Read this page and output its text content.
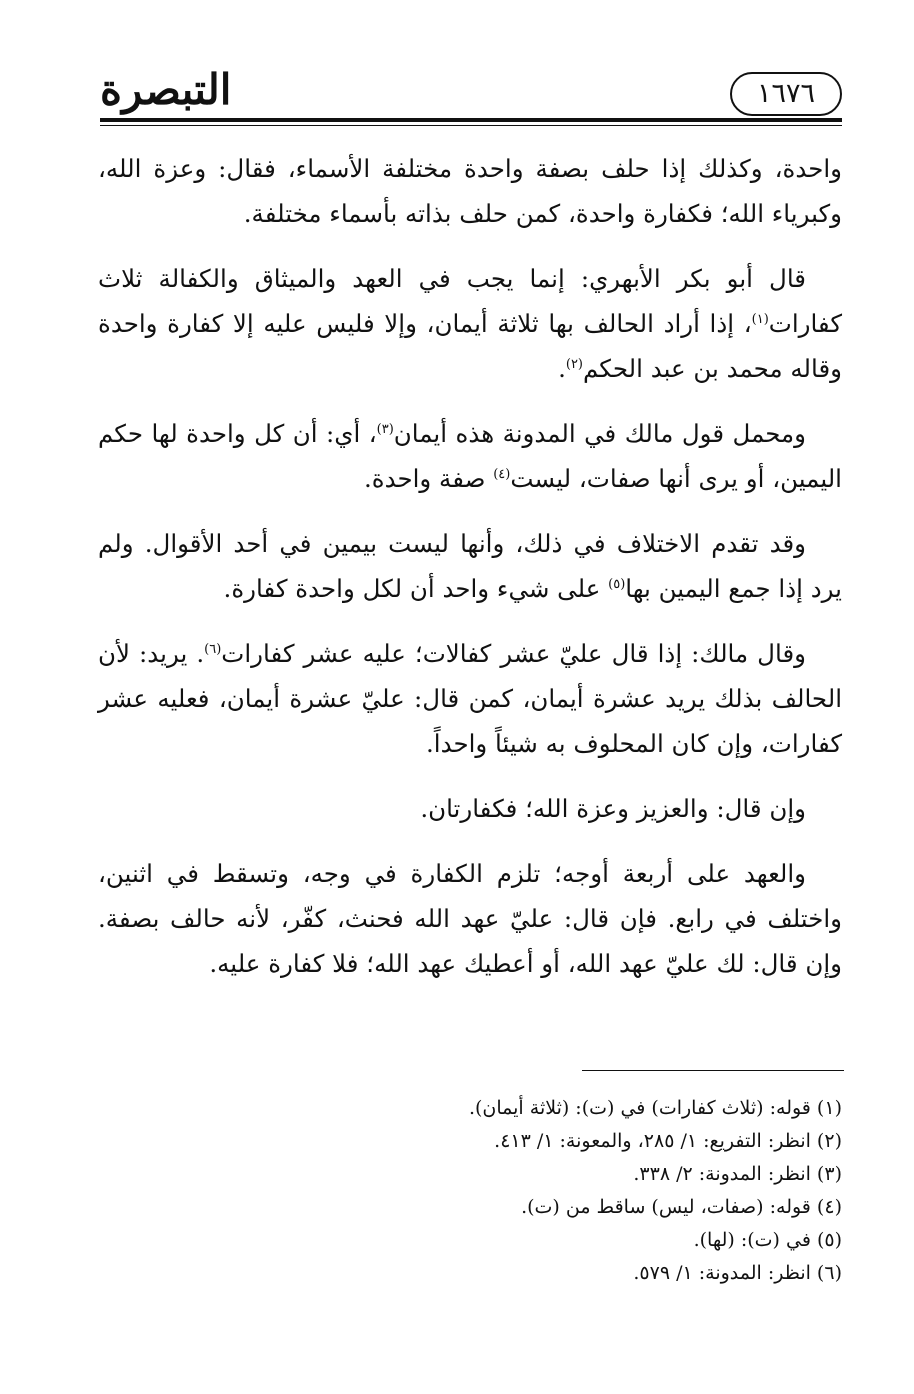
التبصرة	١٦٧٦

واحدة، وكذلك إذا حلف بصفة واحدة مختلفة الأسماء، فقال: وعزة الله، وكبرياء الله؛ فكفارة واحدة، كمن حلف بذاته بأسماء مختلفة.

قال أبو بكر الأبهري: إنما يجب في العهد والميثاق والكفالة ثلاث كفارات$^{(١)}$، إذا أراد الحالف بها ثلاثة أيمان، وإلا فليس عليه إلا كفارة واحدة وقاله محمد بن عبد الحكم$^{(٢)}$.

ومحمل قول مالك في المدونة هذه أيمان$^{(٣)}$، أي: أن كل واحدة لها حكم اليمين، أو يرى أنها صفات، ليست$^{(٤)}$ صفة واحدة.

وقد تقدم الاختلاف في ذلك، وأنها ليست بيمين في أحد الأقوال. ولم يرد إذا جمع اليمين بها$^{(٥)}$ على شيء واحد أن لكل واحدة كفارة.

وقال مالك: إذا قال عليّ عشر كفالات؛ عليه عشر كفارات$^{(٦)}$. يريد: لأن الحالف بذلك يريد عشرة أيمان، كمن قال: عليّ عشرة أيمان، فعليه عشر كفارات، وإن كان المحلوف به شيئاً واحداً.

وإن قال: والعزيز وعزة الله؛ فكفارتان.

والعهد على أربعة أوجه؛ تلزم الكفارة في وجه، وتسقط في اثنين، واختلف في رابع. فإن قال: عليّ عهد الله فحنث، كفّر، لأنه حالف بصفة. وإن قال: لك عليّ عهد الله، أو أعطيك عهد الله؛ فلا كفارة عليه.

(١) قوله: (ثلاث كفارات) في (ت): (ثلاثة أيمان).

(٢) انظر: التفريع: ١/ ٢٨٥، والمعونة: ١/ ٤١٣.

(٣) انظر: المدونة: ٢/ ٣٣٨.

(٤) قوله: (صفات، ليس) ساقط من (ت).

(٥) في (ت): (لها).

(٦) انظر: المدونة: ١/ ٥٧٩.
